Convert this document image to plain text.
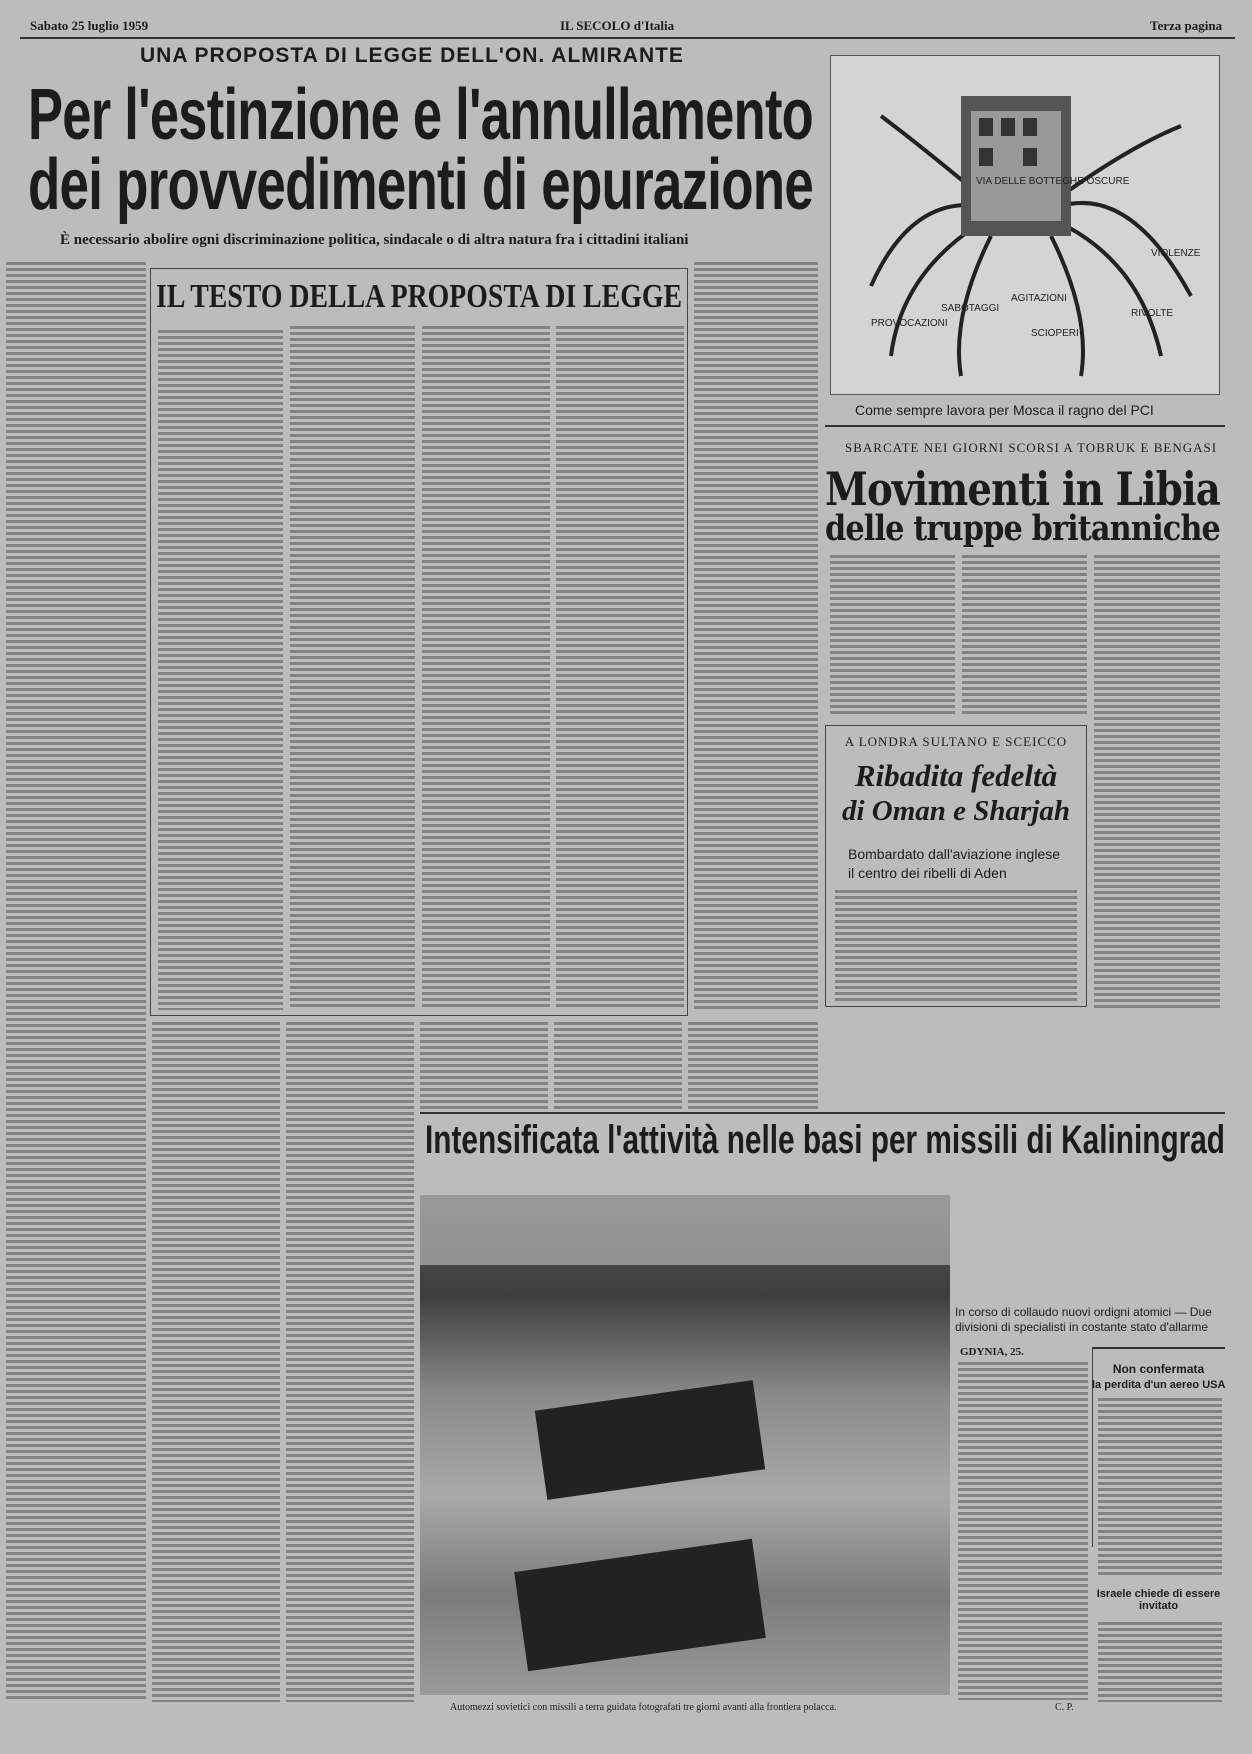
Sabato 25 luglio 1959	IL SECOLO d'Italia	Terza pagina
UNA PROPOSTA DI LEGGE DELL'ON. ALMIRANTE
Per l'estinzione e l'annullamento
dei provvedimenti di epurazione
È necessario abolire ogni discriminazione politica, sindacale o di altra natura fra i cittadini italiani
IL TESTO DELLA PROPOSTA DI LEGGE
VIA DELLE BOTTEGHE OSCURE
SABOTAGGI
AGITAZIONI
SCIOPERI
RIVOLTE
VIOLENZE
PROVOCAZIONI
Come sempre lavora per Mosca il ragno del PCI
SBARCATE NEI GIORNI SCORSI A TOBRUK E BENGASI
Movimenti in Libia
delle truppe britanniche
A LONDRA SULTANO E SCEICCO
Ribadita fedeltà
di Oman e Sharjah
Bombardato dall'aviazione inglese il centro dei ribelli di Aden
Intensificata l'attività nelle basi per missili di Kaliningrad
Automezzi sovietici con missili a terra guidata fotografati tre giorni avanti alla frontiera polacca.	C. P.
In corso di collaudo nuovi ordigni atomici — Due divisioni di specialisti in costante stato d'allarme
GDYNIA, 25.
Non confermata
la perdita d'un aereo USA
Israele chiede di essere invitato
